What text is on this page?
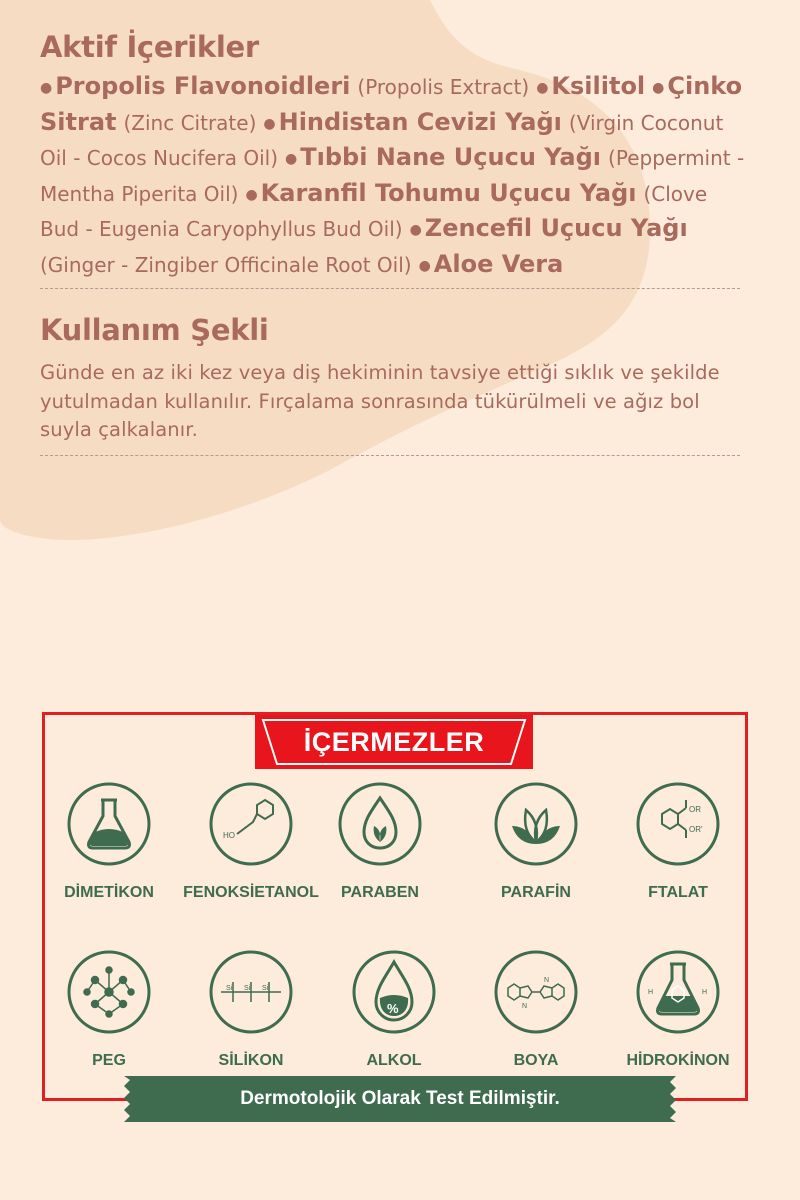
Aktif İçerikler
● Propolis Flavonoidleri (Propolis Extract) ● Ksilitol ● Çinko Sitrat (Zinc Citrate) ● Hindistan Cevizi Yağı (Virgin Coconut Oil - Cocos Nucifera Oil) ● Tıbbi Nane Uçucu Yağı (Peppermint - Mentha Piperita Oil) ● Karanfil Tohumu Uçucu Yağı (Clove Bud - Eugenia Caryophyllus Bud Oil) ● Zencefil Uçucu Yağı (Ginger - Zingiber Officinale Root Oil) ● Aloe Vera
Kullanım Şekli
Günde en az iki kez veya diş hekiminin tavsiye ettiği sıklık ve şekilde yutulmadan kullanılır. Fırçalama sonrasında tükürülmeli ve ağız bol suyla çalkalanır.
İÇERMEZLER
DİMETİKON
HO
FENOKSİETANOL	PARABEN	PARAFİN
OR
OR'
FTALAT
PEG
Si Si Si
SİLİKON
%
ALKOL
N
N
BOYA
H	H
HİDROKİNON
Dermotolojik Olarak Test Edilmiştir.
